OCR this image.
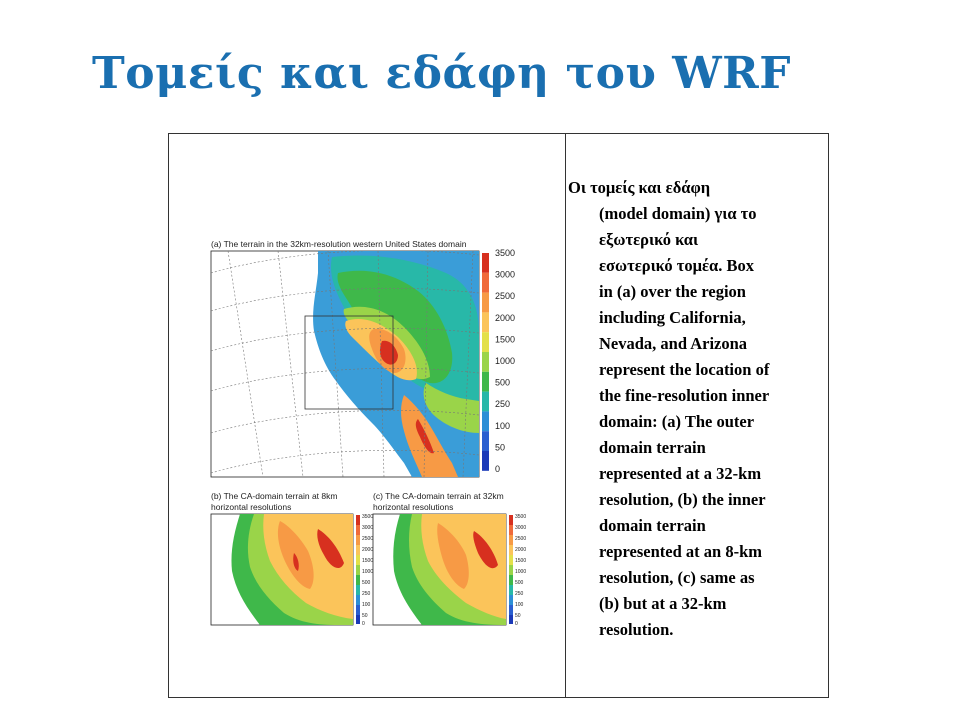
Τομείς και εδάφη του WRF
(a) The terrain in the 32km-resolution western United States domain
3500
3000
2500
2000
1500
1000
500
250
100
50
0
(b) The CA-domain terrain at 8km
horizontal resolutions
3500
3000
2500
2000
1500
1000
500
250
100
50
0
(c) The CA-domain terrain at 32km
horizontal resolutions
3500
3000
2500
2000
1500
1000
500
250
100
50
0
Οι τομείς και εδάφη
(model domain) για το
εξωτερικό και
εσωτερικό τομέα. Box
in (a) over the region
including California,
Nevada, and Arizona
represent the location of
the fine-resolution inner
domain: (a) The outer
domain terrain
represented at a 32-km
resolution, (b) the inner
domain terrain
represented at an 8-km
resolution, (c) same as
(b) but at a 32-km
resolution.
